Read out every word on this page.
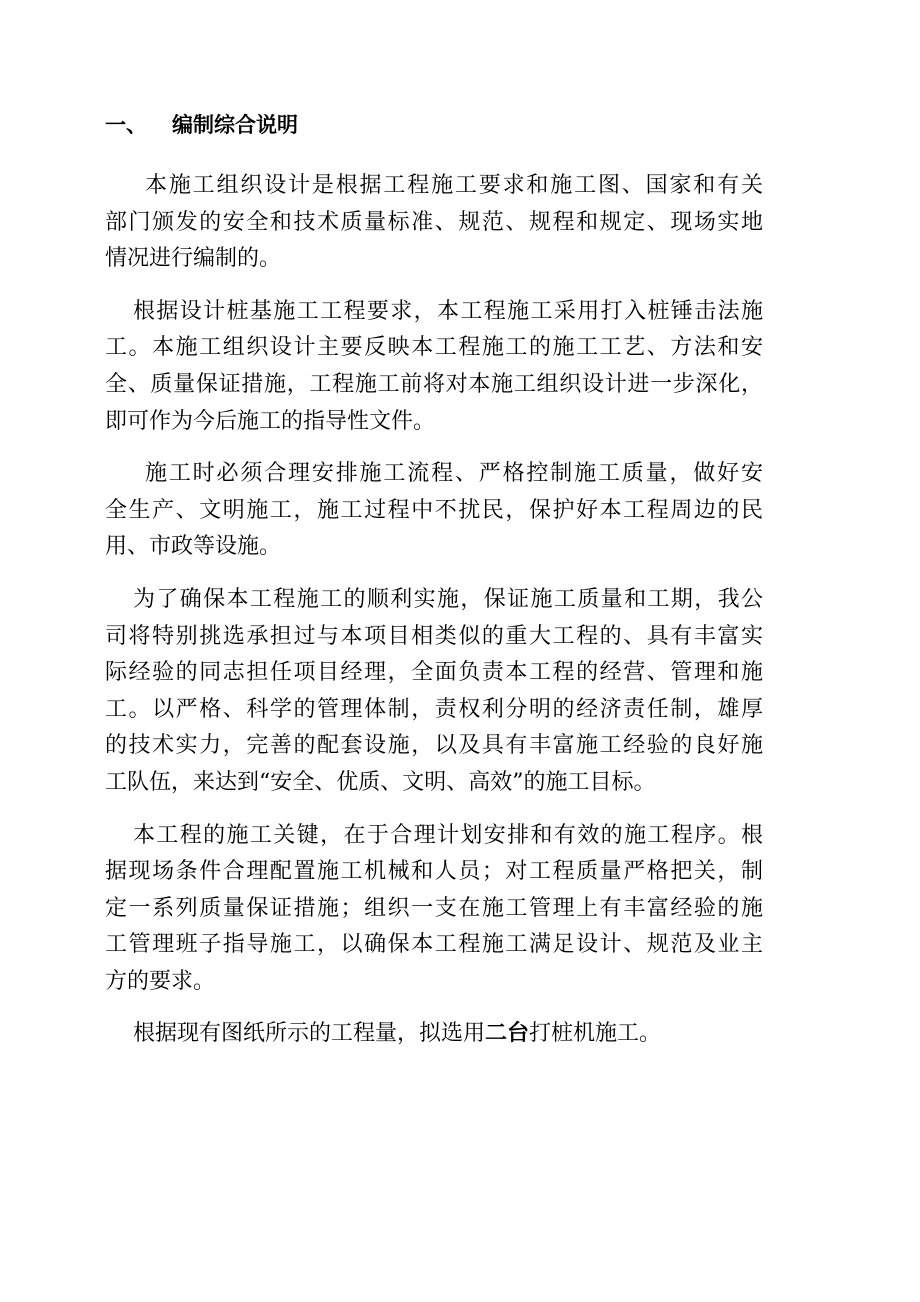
一、	编制综合说明
本施工组织设计是根据工程施工要求和施工图、国家和有关
部门颁发的安全和技术质量标准、规范、规程和规定、现场实地
情况进行编制的。
根据设计桩基施工工程要求，本工程施工采用打入桩锤击法施
工。本施工组织设计主要反映本工程施工的施工工艺、方法和安
全、质量保证措施，工程施工前将对本施工组织设计进一步深化，
即可作为今后施工的指导性文件。
施工时必须合理安排施工流程、严格控制施工质量，做好安
全生产、文明施工，施工过程中不扰民，保护好本工程周边的民
用、市政等设施。
为了确保本工程施工的顺利实施，保证施工质量和工期，我公
司将特别挑选承担过与本项目相类似的重大工程的、具有丰富实
际经验的同志担任项目经理，全面负责本工程的经营、管理和施
工。以严格、科学的管理体制，责权利分明的经济责任制，雄厚
的技术实力，完善的配套设施，以及具有丰富施工经验的良好施
工队伍，来达到“安全、优质、文明、高效”的施工目标。
本工程的施工关键，在于合理计划安排和有效的施工程序。根
据现场条件合理配置施工机械和人员；对工程质量严格把关，制
定一系列质量保证措施；组织一支在施工管理上有丰富经验的施
工管理班子指导施工，以确保本工程施工满足设计、规范及业主
方的要求。
根据现有图纸所示的工程量，拟选用二台打桩机施工。
